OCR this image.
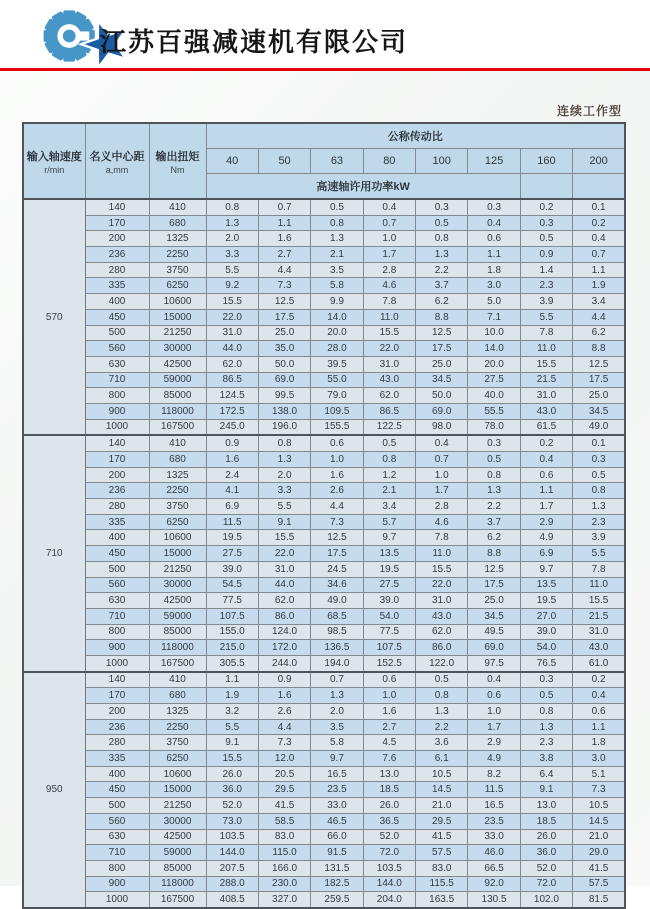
江苏百强减速机有限公司
连续工作型
输入轴速度
r/min

名义中心距
a,mm

输出扭矩
Nm
	公称传动比
			40	50	63	80	100	125	160	200
			高速轴许用功率kW							
570	140	410	0.8	0.7	0.5	0.4	0.3	0.3	0.2	0.1
	170	680	1.3	1.1	0.8	0.7	0.5	0.4	0.3	0.2
	200	1325	2.0	1.6	1.3	1.0	0.8	0.6	0.5	0.4
	236	2250	3.3	2.7	2.1	1.7	1.3	1.1	0.9	0.7
	280	3750	5.5	4.4	3.5	2.8	2.2	1.8	1.4	1.1
	335	6250	9.2	7.3	5.8	4.6	3.7	3.0	2.3	1.9
	400	10600	15.5	12.5	9.9	7.8	6.2	5.0	3.9	3.4
	450	15000	22.0	17.5	14.0	11.0	8.8	7.1	5.5	4.4
	500	21250	31.0	25.0	20.0	15.5	12.5	10.0	7.8	6.2
	560	30000	44.0	35.0	28.0	22.0	17.5	14.0	11.0	8.8
	630	42500	62.0	50.0	39.5	31.0	25.0	20.0	15.5	12.5
	710	59000	86.5	69.0	55.0	43.0	34.5	27.5	21.5	17.5
	800	85000	124.5	99.5	79.0	62.0	50.0	40.0	31.0	25.0
	900	118000	172.5	138.0	109.5	86.5	69.0	55.5	43.0	34.5
	1000	167500	245.0	196.0	155.5	122.5	98.0	78.0	61.5	49.0
710	140	410	0.9	0.8	0.6	0.5	0.4	0.3	0.2	0.1
	170	680	1.6	1.3	1.0	0.8	0.7	0.5	0.4	0.3
	200	1325	2.4	2.0	1.6	1.2	1.0	0.8	0.6	0.5
	236	2250	4.1	3.3	2.6	2.1	1.7	1.3	1.1	0.8
	280	3750	6.9	5.5	4.4	3.4	2.8	2.2	1.7	1.3
	335	6250	11.5	9.1	7.3	5.7	4.6	3.7	2.9	2.3
	400	10600	19.5	15.5	12.5	9.7	7.8	6.2	4.9	3.9
	450	15000	27.5	22.0	17.5	13.5	11.0	8.8	6.9	5.5
	500	21250	39.0	31.0	24.5	19.5	15.5	12.5	9.7	7.8
	560	30000	54.5	44.0	34.6	27.5	22.0	17.5	13.5	11.0
	630	42500	77.5	62.0	49.0	39.0	31.0	25.0	19.5	15.5
	710	59000	107.5	86.0	68.5	54.0	43.0	34.5	27.0	21.5
	800	85000	155.0	124.0	98.5	77.5	62.0	49.5	39.0	31.0
	900	118000	215.0	172.0	136.5	107.5	86.0	69.0	54.0	43.0
	1000	167500	305.5	244.0	194.0	152.5	122.0	97.5	76.5	61.0
950	140	410	1.1	0.9	0.7	0.6	0.5	0.4	0.3	0.2
	170	680	1.9	1.6	1.3	1.0	0.8	0.6	0.5	0.4
	200	1325	3.2	2.6	2.0	1.6	1.3	1.0	0.8	0.6
	236	2250	5.5	4.4	3.5	2.7	2.2	1.7	1.3	1.1
	280	3750	9.1	7.3	5.8	4.5	3.6	2.9	2.3	1.8
	335	6250	15.5	12.0	9.7	7.6	6.1	4.9	3.8	3.0
	400	10600	26.0	20.5	16.5	13.0	10.5	8.2	6.4	5.1
	450	15000	36.0	29.5	23.5	18.5	14.5	11.5	9.1	7.3
	500	21250	52.0	41.5	33.0	26.0	21.0	16.5	13.0	10.5
	560	30000	73.0	58.5	46.5	36.5	29.5	23.5	18.5	14.5
	630	42500	103.5	83.0	66.0	52.0	41.5	33.0	26.0	21.0
	710	59000	144.0	115.0	91.5	72.0	57.5	46.0	36.0	29.0
	800	85000	207.5	166.0	131.5	103.5	83.0	66.5	52.0	41.5
	900	118000	288.0	230.0	182.5	144.0	115.5	92.0	72.0	57.5
	1000	167500	408.5	327.0	259.5	204.0	163.5	130.5	102.0	81.5
